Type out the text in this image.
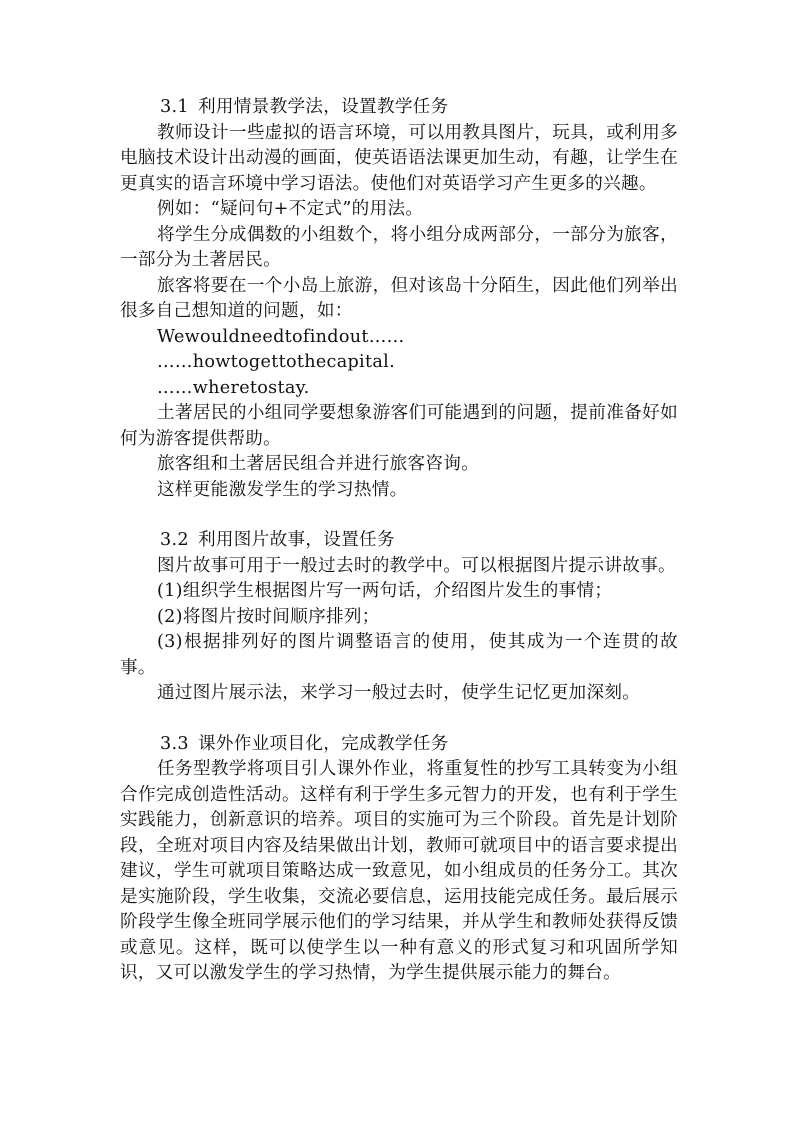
3.1 利用情景教学法，设置教学任务

教师设计一些虚拟的语言环境，可以用教具图片，玩具，或利用多电脑技术设计出动漫的画面，使英语语法课更加生动，有趣，让学生在更真实的语言环境中学习语法。使他们对英语学习产生更多的兴趣。

例如：“疑问句+不定式”的用法。

将学生分成偶数的小组数个，将小组分成两部分，一部分为旅客，一部分为土著居民。

旅客将要在一个小岛上旅游，但对该岛十分陌生，因此他们列举出很多自己想知道的问题，如：

Wewouldneedtofindout……

……howtogettothecapital.

……wheretostay.

土著居民的小组同学要想象游客们可能遇到的问题，提前准备好如何为游客提供帮助。

旅客组和土著居民组合并进行旅客咨询。

这样更能激发学生的学习热情。

3.2 利用图片故事，设置任务

图片故事可用于一般过去时的教学中。可以根据图片提示讲故事。

(1)组织学生根据图片写一两句话，介绍图片发生的事情；

(2)将图片按时间顺序排列；

(3)根据排列好的图片调整语言的使用，使其成为一个连贯的故事。

通过图片展示法，来学习一般过去时，使学生记忆更加深刻。

3.3 课外作业项目化，完成教学任务

任务型教学将项目引人课外作业，将重复性的抄写工具转变为小组合作完成创造性活动。这样有利于学生多元智力的开发，也有利于学生实践能力，创新意识的培养。项目的实施可为三个阶段。首先是计划阶段，全班对项目内容及结果做出计划，教师可就项目中的语言要求提出建议，学生可就项目策略达成一致意见，如小组成员的任务分工。其次是实施阶段，学生收集，交流必要信息，运用技能完成任务。最后展示阶段学生像全班同学展示他们的学习结果，并从学生和教师处获得反馈或意见。这样，既可以使学生以一种有意义的形式复习和巩固所学知识，又可以激发学生的学习热情，为学生提供展示能力的舞台。
